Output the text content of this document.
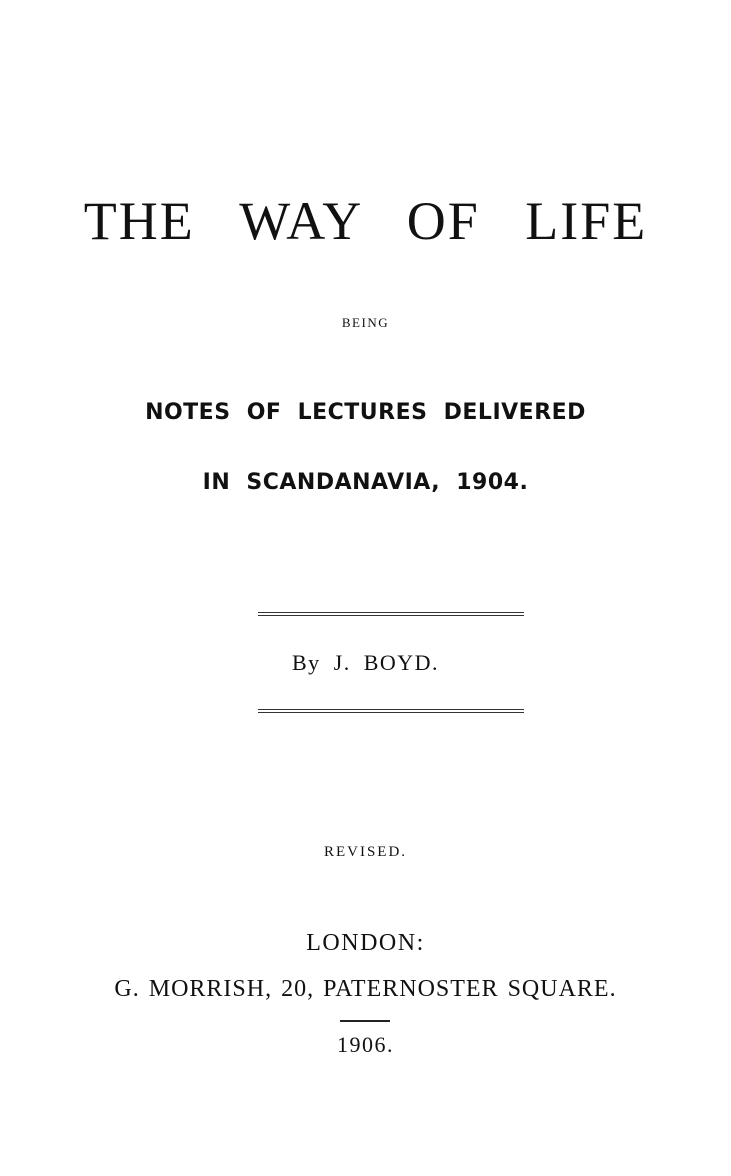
THE WAY OF LIFE
BEING
NOTES OF LECTURES DELIVERED
IN SCANDANAVIA, 1904.
By J. BOYD.
REVISED.
LONDON:
G. MORRISH, 20, PATERNOSTER SQUARE.
1906.
